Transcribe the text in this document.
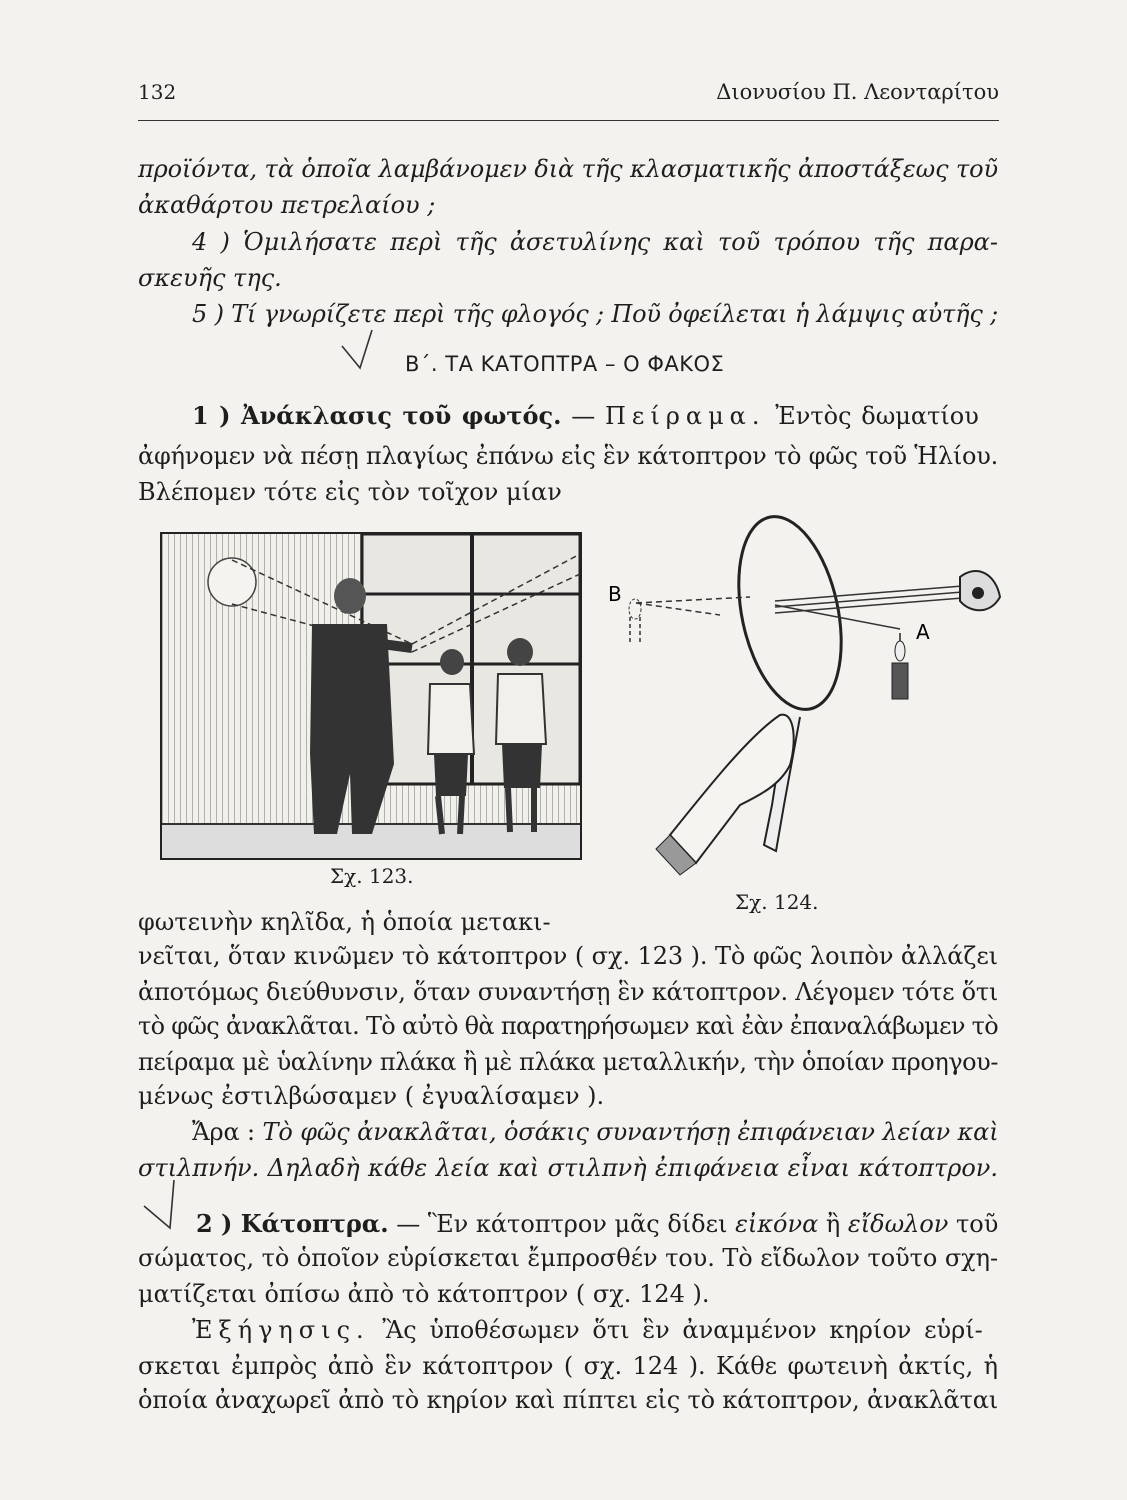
132	Διονυσίου Π. Λεονταρίτου
προϊόντα, τὰ ὁποῖα λαμβάνομεν διὰ τῆς κλασματικῆς ἀποστάξεως τοῦ
ἀκαθάρτου πετρελαίου ;
4 ) Ὁμιλήσατε περὶ τῆς ἀσετυλίνης καὶ τοῦ τρόπου τῆς παρα-
σκευῆς της.
5 ) Τί γνωρίζετε περὶ τῆς φλογός ; Ποῦ ὀφείλεται ἡ λάμψις αὐτῆς ;
Β΄. ΤΑ ΚΑΤΟΠΤΡΑ – Ο ΦΑΚΟΣ
1 ) Ἀνάκλασις τοῦ φωτός. — Πείραμα. Ἐντὸς δωματίου
ἀφήνομεν νὰ πέσῃ πλαγίως ἐπάνω εἰς ἓν κάτοπτρον τὸ φῶς τοῦ Ἡλίου.
Βλέπομεν τότε εἰς τὸν τοῖχον μίαν
Σχ. 123.
B
A
Σχ. 124.
φωτεινὴν κηλῖδα, ἡ ὁποία μετακι-
νεῖται, ὅταν κινῶμεν τὸ κάτοπτρον ( σχ. 123 ). Τὸ φῶς λοιπὸν ἀλλάζει
ἀποτόμως διεύθυνσιν, ὅταν συναντήσῃ ἓν κάτοπτρον. Λέγομεν τότε ὅτι
τὸ φῶς ἀνακλᾶται. Τὸ αὐτὸ θὰ παρατηρήσωμεν καὶ ἐὰν ἐπαναλάβωμεν τὸ
πείραμα μὲ ὑαλίνην πλάκα ἢ μὲ πλάκα μεταλλικήν, τὴν ὁποίαν προηγου-
μένως ἐστιλβώσαμεν ( ἐγυαλίσαμεν ).
Ἄρα : Τὸ φῶς ἀνακλᾶται, ὁσάκις συναντήσῃ ἐπιφάνειαν λείαν καὶ
στιλπνήν. Δηλαδὴ κάθε λεία καὶ στιλπνὴ ἐπιφάνεια εἶναι κάτοπτρον.
2 ) Κάτοπτρα. — Ἓν κάτοπτρον μᾶς δίδει εἰκόνα ἢ εἴδωλον τοῦ
σώματος, τὸ ὁποῖον εὑρίσκεται ἔμπροσθέν του. Τὸ εἴδωλον τοῦτο σχη-
ματίζεται ὀπίσω ἀπὸ τὸ κάτοπτρον ( σχ. 124 ).
Ἐξήγησις. Ἂς ὑποθέσωμεν ὅτι ἓν ἀναμμένον κηρίον εὑρί-
σκεται ἐμπρὸς ἀπὸ ἓν κάτοπτρον ( σχ. 124 ). Κάθε φωτεινὴ ἀκτίς, ἡ
ὁποία ἀναχωρεῖ ἀπὸ τὸ κηρίον καὶ πίπτει εἰς τὸ κάτοπτρον, ἀνακλᾶται
